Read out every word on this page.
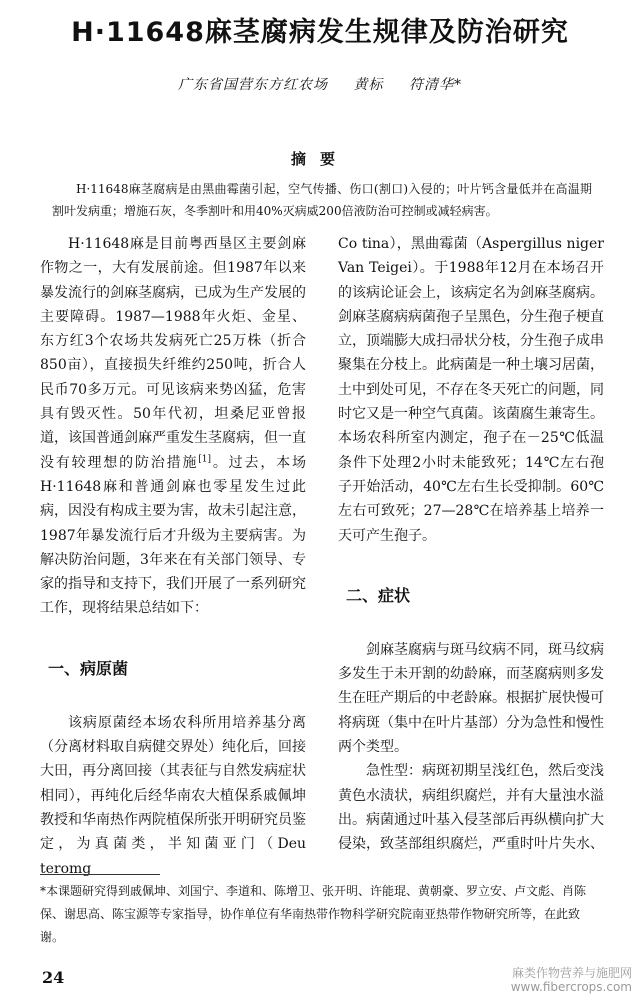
H·11648麻茎腐病发生规律及防治研究
广东省国营东方红农场 黄标 符清华*
摘要
H·11648麻茎腐病是由黑曲霉菌引起，空气传播、伤口(割口)入侵的；叶片钙含量低并在高温期割叶发病重；增施石灰，冬季割叶和用40%灭病威200倍液防治可控制或减轻病害。

H·11648麻是目前粤西垦区主要剑麻作物之一，大有发展前途。但1987年以来暴发流行的剑麻茎腐病，已成为生产发展的主要障碍。1987—1988年火炬、金星、东方红3个农场共发病死亡25万株（折合850亩），直接损失纤维约250吨，折合人民币70多万元。可见该病来势凶猛，危害具有毁灭性。50年代初，坦桑尼亚曾报道，该国普通剑麻严重发生茎腐病，但一直没有较理想的防治措施[1]。过去，本场H·11648麻和普通剑麻也零星发生过此病，因没有构成主要为害，故未引起注意，1987年暴发流行后才升级为主要病害。为解决防治问题，3年来在有关部门领导、专家的指导和支持下，我们开展了一系列研究工作，现将结果总结如下：

一、病原菌

该病原菌经本场农科所用培养基分离（分离材料取自病健交界处）纯化后，回接大田，再分离回接（其表征与自然发病症状相同），再纯化后经华南农大植保系戚佩坤教授和华南热作两院植保所张开明研究员鉴定，为真菌类，半知菌亚门（Deu teromg

Co tina），黑曲霉菌（Aspergillus niger Van Teigei）。于1988年12月在本场召开的该病论证会上，该病定名为剑麻茎腐病。剑麻茎腐病病菌孢子呈黑色，分生孢子梗直立，顶端膨大成扫帚状分枝，分生孢子成串聚集在分枝上。此病菌是一种土壤习居菌，土中到处可见，不存在冬天死亡的问题，同时它又是一种空气真菌。该菌腐生兼寄生。本场农科所室内测定，孢子在－25℃低温条件下处理2小时未能致死；14℃左右孢子开始活动，40℃左右生长受抑制。60℃左右可致死；27—28℃在培养基上培养一天可产生孢子。

二、症状

剑麻茎腐病与斑马纹病不同，斑马纹病多发生于未开割的幼龄麻，而茎腐病则多发生在旺产期后的中老龄麻。根据扩展快慢可将病斑（集中在叶片基部）分为急性和慢性两个类型。

急性型：病斑初期呈浅红色，然后变浅黄色水渍状，病组织腐烂，并有大量浊水溢出。病菌通过叶基入侵茎部后再纵横向扩大侵染，致茎部组织腐烂，严重时叶片失水、

*本课题研究得到戚佩坤、刘国宁、李道和、陈增卫、张开明、许能琨、黄朝豪、罗立安、卢文彪、肖陈保、谢思高、陈宝源等专家指导，协作单位有华南热带作物科学研究院南亚热带作物研究所等，在此致谢。
24	麻类作物营养与施肥网
www.fibercrops.com
